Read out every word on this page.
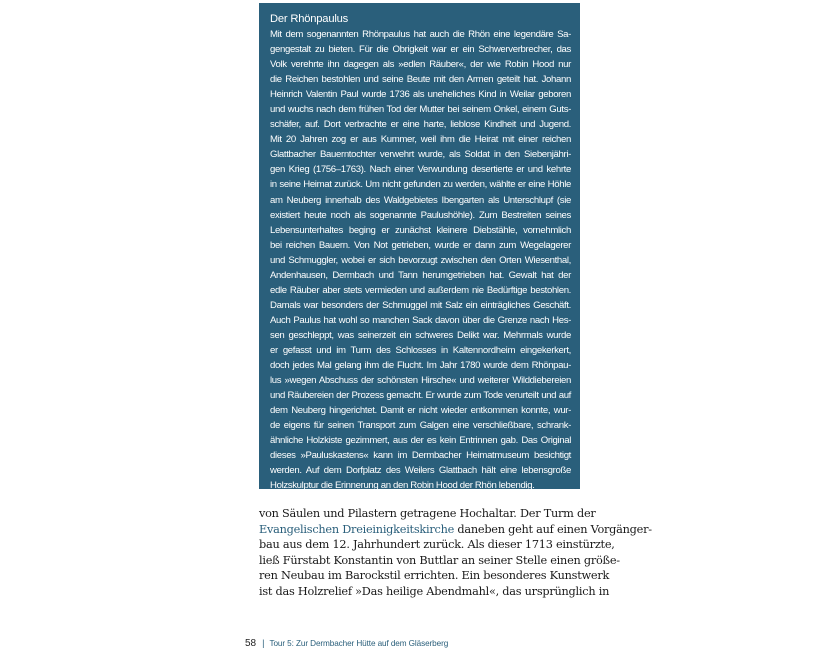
Der Rhönpaulus
Mit dem sogenannten Rhönpaulus hat auch die Rhön eine legendäre Sa-
gengestalt zu bieten. Für die Obrigkeit war er ein Schwerverbrecher, das
Volk verehrte ihn dagegen als »edlen Räuber«, der wie Robin Hood nur
die Reichen bestohlen und seine Beute mit den Armen geteilt hat. Johann
Heinrich Valentin Paul wurde 1736 als uneheliches Kind in Weilar geboren
und wuchs nach dem frühen Tod der Mutter bei seinem Onkel, einem Guts-
schäfer, auf. Dort verbrachte er eine harte, lieblose Kindheit und Jugend.
Mit 20 Jahren zog er aus Kummer, weil ihm die Heirat mit einer reichen
Glattbacher Bauerntochter verwehrt wurde, als Soldat in den Siebenjähri-
gen Krieg (1756–1763). Nach einer Verwundung desertierte er und kehrte
in seine Heimat zurück. Um nicht gefunden zu werden, wählte er eine Höhle
am Neuberg innerhalb des Waldgebietes Ibengarten als Unterschlupf (sie
existiert heute noch als sogenannte Paulushöhle). Zum Bestreiten seines
Lebensunterhaltes beging er zunächst kleinere Diebstähle, vornehmlich
bei reichen Bauern. Von Not getrieben, wurde er dann zum Wegelagerer
und Schmuggler, wobei er sich bevorzugt zwischen den Orten Wiesenthal,
Andenhausen, Dermbach und Tann herumgetrieben hat. Gewalt hat der
edle Räuber aber stets vermieden und außerdem nie Bedürftige bestohlen.
Damals war besonders der Schmuggel mit Salz ein einträgliches Geschäft.
Auch Paulus hat wohl so manchen Sack davon über die Grenze nach Hes-
sen geschleppt, was seinerzeit ein schweres Delikt war. Mehrmals wurde
er gefasst und im Turm des Schlosses in Kaltennordheim eingekerkert,
doch jedes Mal gelang ihm die Flucht. Im Jahr 1780 wurde dem Rhönpau-
lus »wegen Abschuss der schönsten Hirsche« und weiterer Wilddiebereien
und Räubereien der Prozess gemacht. Er wurde zum Tode verurteilt und auf
dem Neuberg hingerichtet. Damit er nicht wieder entkommen konnte, wur-
de eigens für seinen Transport zum Galgen eine verschließbare, schrank-
ähnliche Holzkiste gezimmert, aus der es kein Entrinnen gab. Das Original
dieses »Pauluskastens« kann im Dermbacher Heimatmuseum besichtigt
werden. Auf dem Dorfplatz des Weilers Glattbach hält eine lebensgroße
Holzskulptur die Erinnerung an den Robin Hood der Rhön lebendig.
von Säulen und Pilastern getragene Hochaltar. Der Turm der
Evangelischen Dreieinigkeitskirche daneben geht auf einen Vorgänger-
bau aus dem 12. Jahrhundert zurück. Als dieser 1713 einstürzte,
ließ Fürstabt Konstantin von Buttlar an seiner Stelle einen größe-
ren Neubau im Barockstil errichten. Ein besonderes Kunstwerk
ist das Holzrelief »Das heilige Abendmahl«, das ursprünglich in
58 | Tour 5: Zur Dermbacher Hütte auf dem Gläserberg
